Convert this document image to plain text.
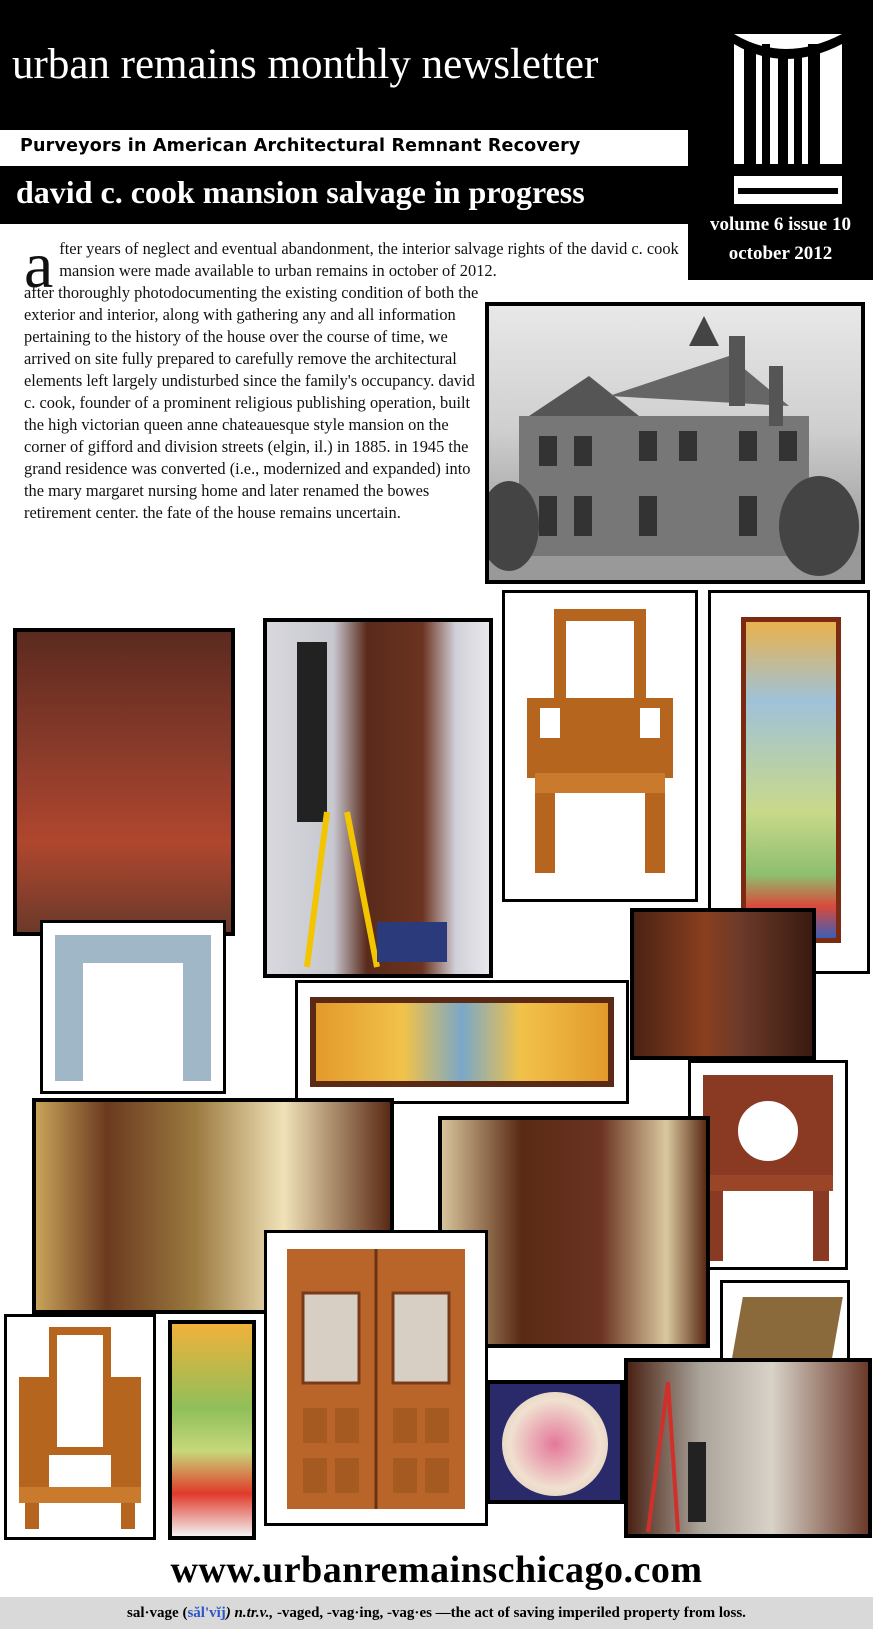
urban remains monthly newsletter
Purveyors in American Architectural Remnant Recovery
david c. cook mansion salvage in progress
volume 6 issue 10
october 2012
a fter years of neglect and eventual abandonment, the interior salvage rights of the david c. cook mansion were made available to urban remains in october of 2012.
after thoroughly photodocumenting the existing condition of both the exterior and interior, along with gathering any and all information pertaining to the history of the house over the course of time, we arrived on site fully prepared to carefully remove the architectural elements left largely undisturbed since the family's occupancy. david c. cook, founder of a prominent religious publishing operation, built the high victorian queen anne chateauesque style mansion on the corner of gifford and division streets (elgin, il.) in 1885. in 1945 the grand residence was converted (i.e., modernized and expanded) into the mary margaret nursing home and later renamed the bowes retirement center. the fate of the house remains uncertain.
www.urbanremainschicago.com
sal·vage (săl'vĭj) n.tr.v., -vaged, -vag·ing, -vag·es —the act of saving imperiled property from loss.
